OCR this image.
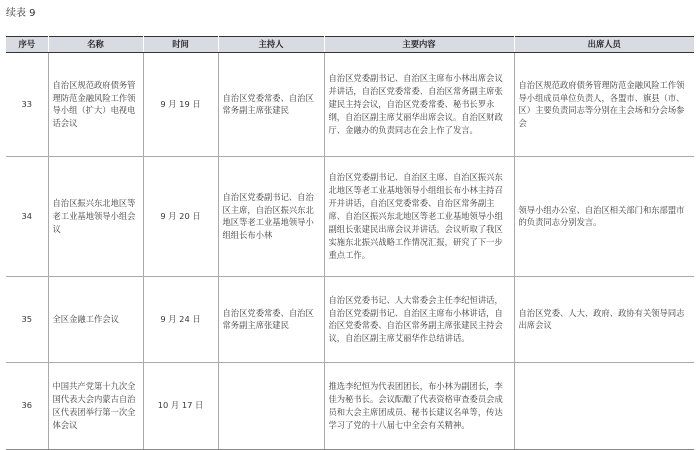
续表 9
序号	名称	时间	主持人	主要内容	出席人员
33	自治区规范政府债务管理防范金融风险工作领导小组（扩大）电视电话会议	9 月 19 日	自治区党委常委、自治区常务副主席张建民	自治区党委副书记、自治区主席布小林出席会议并讲话，自治区党委常委、自治区常务副主席张建民主持会议，自治区党委常委、秘书长罗永纲，自治区副主席艾丽华出席会议。自治区财政厅、金融办的负责同志在会上作了发言。	自治区规范政府债务管理防范金融风险工作领导小组成员单位负责人，各盟市、旗县（市、区）主要负责同志等分别在主会场和分会场参会
34	自治区振兴东北地区等老工业基地领导小组会议	9 月 20 日	自治区党委副书记、自治区主席，自治区振兴东北地区等老工业基地领导小组组长布小林	自治区党委副书记、自治区主席、自治区振兴东北地区等老工业基地领导小组组长布小林主持召开并讲话，自治区党委常委、自治区常务副主席、自治区振兴东北地区等老工业基地领导小组副组长张建民出席会议并讲话。会议听取了我区实施东北振兴战略工作情况汇报，研究了下一步重点工作。	领导小组办公室、自治区相关部门和东部盟市的负责同志分别发言。
35	全区金融工作会议	9 月 24 日	自治区党委常委、自治区常务副主席张建民	自治区党委书记、人大常委会主任李纪恒讲话，自治区党委副书记、自治区主席布小林讲话，自治区党委常委、自治区常务副主席张建民主持会议，自治区副主席艾丽华作总结讲话。	自治区党委、人大、政府、政协有关领导同志出席会议
36	中国共产党第十九次全国代表大会内蒙古自治区代表团举行第一次全体会议	10 月 17 日		推选李纪恒为代表团团长，布小林为副团长，李佳为秘书长。会议酝酿了代表资格审查委员会成员和大会主席团成员、秘书长建议名单等，传达学习了党的十八届七中全会有关精神。	
